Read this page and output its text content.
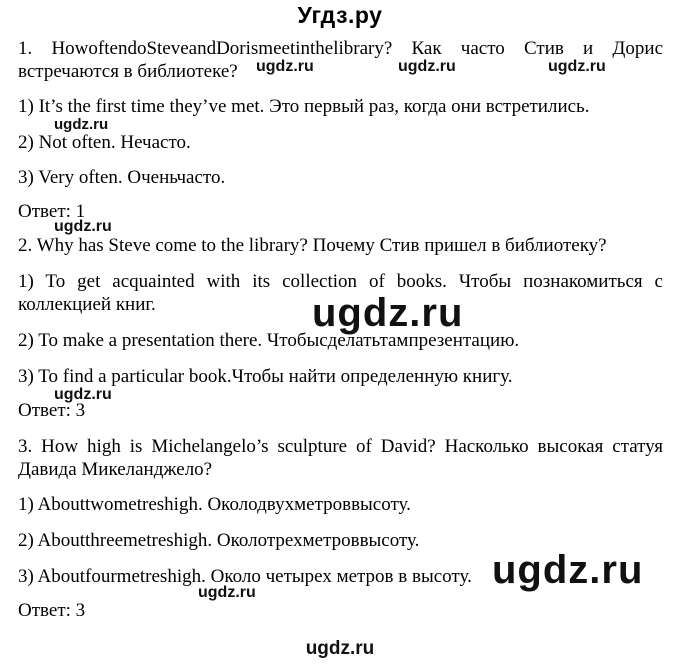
Угдз.ру
1. HowoftendoSteveandDorismeetinthelibrary? Как часто Стив и Дорис
встречаются в библиотеке?
1) It’s the first time they’ve met. Это первый раз, когда они встретились.
2) Not often. Нечасто.
3) Very often. Оченьчасто.
Ответ: 1
2. Why has Steve come to the library? Почему Стив пришел в библиотеку?
1) To get acquainted with its collection of books. Чтобы познакомиться с
коллекцией книг.
2) To make a presentation there. Чтобысделатьтампрезентацию.
3) To find a particular book.Чтобы найти определенную книгу.
Ответ: 3
3. How high is Michelangelo’s sculpture of David? Насколько высокая статуя
Давида Микеланджело?
1) Abouttwometreshigh. Околодвухметроввысоту.
2) Aboutthreemetreshigh. Околотрехметроввысоту.
3) Aboutfourmetreshigh. Около четырех метров в высоту.
Ответ: 3
ugdz.ru	ugdz.ru	ugdz.ru
ugdz.ru
ugdz.ru
ugdz.ru
ugdz.ru
ugdz.ru
ugdz.ru
ugdz.ru
